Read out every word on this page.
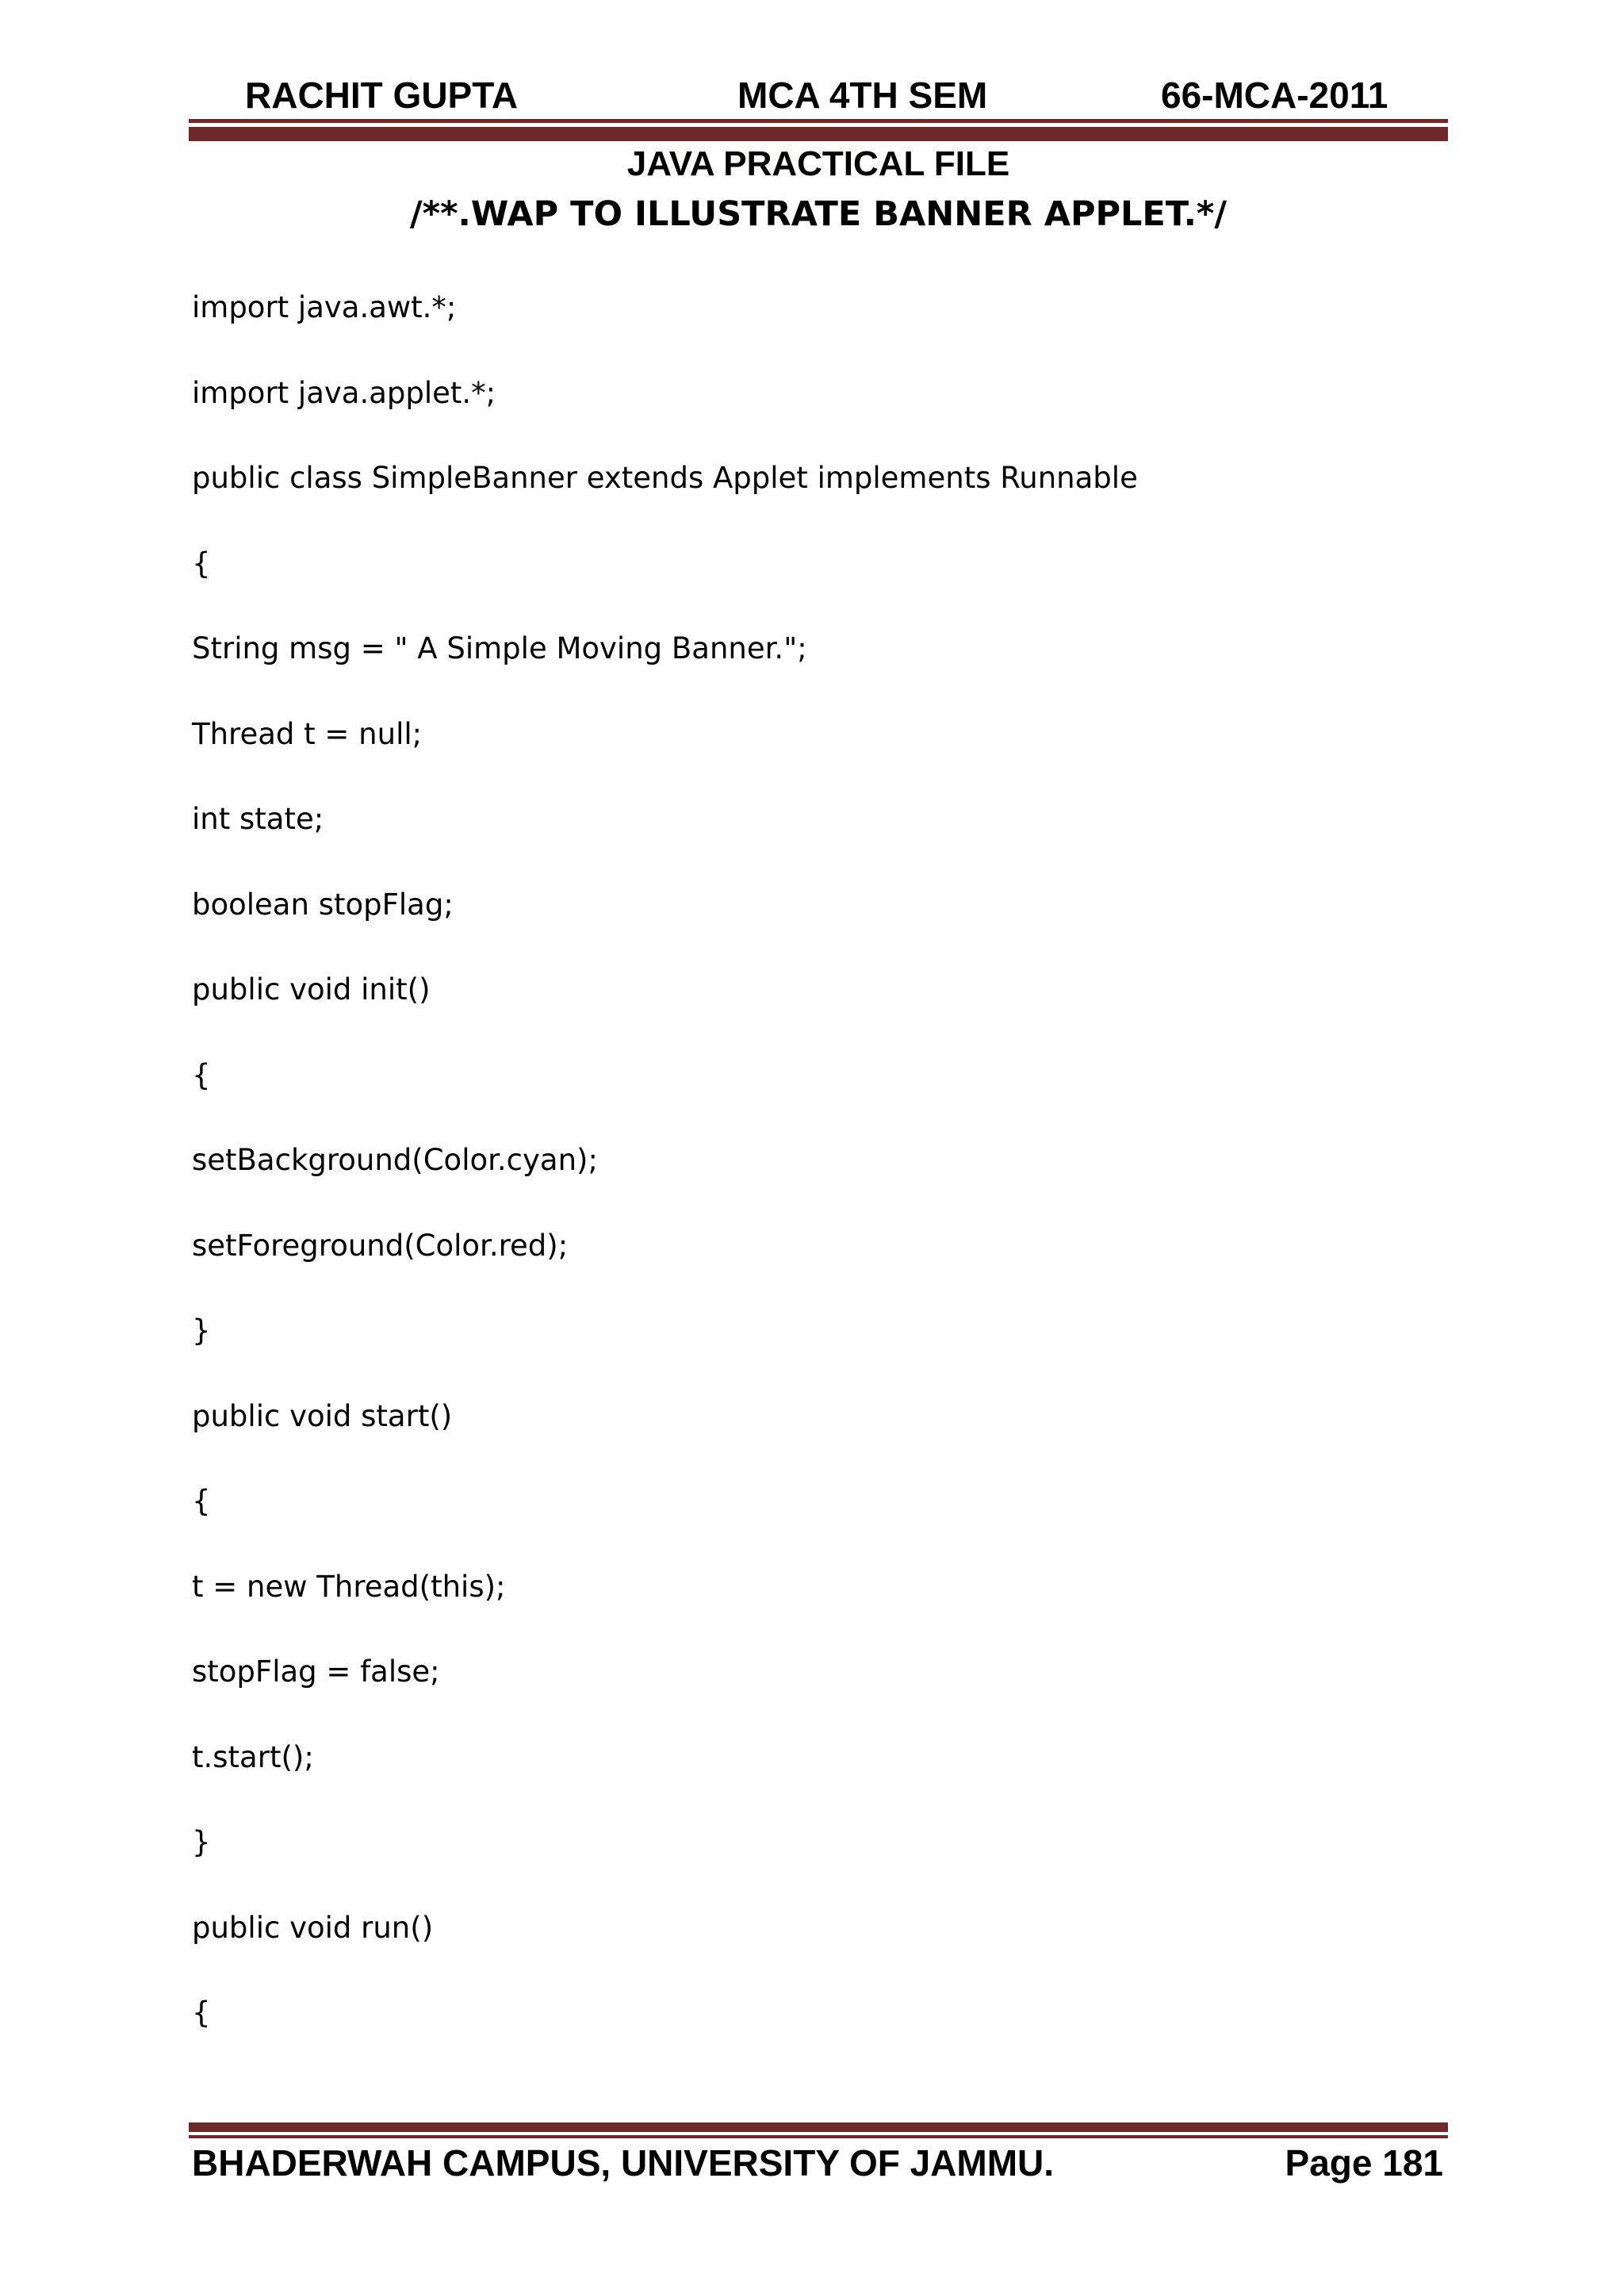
RACHIT GUPTA	MCA 4TH SEM	66-MCA-2011
JAVA PRACTICAL FILE
/**.WAP TO ILLUSTRATE BANNER APPLET.*/
import java.awt.*;
import java.applet.*;
public class SimpleBanner extends Applet implements Runnable
{
String msg = " A Simple Moving Banner.";
Thread t = null;
int state;
boolean stopFlag;
public void init()
{
setBackground(Color.cyan);
setForeground(Color.red);
}
public void start()
{
t = new Thread(this);
stopFlag = false;
t.start();
}
public void run()
{
BHADERWAH CAMPUS, UNIVERSITY OF JAMMU.	Page 181
